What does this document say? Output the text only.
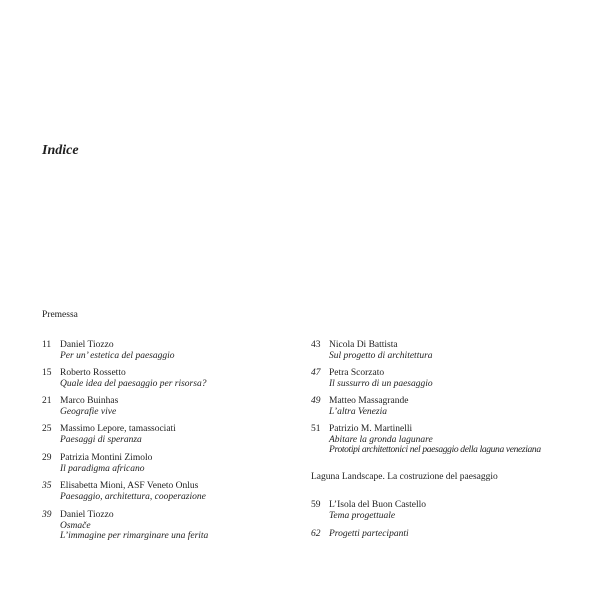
Indice
Premessa
11 Daniel Tiozzo
Per un’ estetica del paesaggio
15 Roberto Rossetto
Quale idea del paesaggio per risorsa?
21 Marco Buinhas
Geografie vive
25 Massimo Lepore, tamassociati
Paesaggi di speranza
29 Patrizia Montini Zimolo
Il paradigma africano
35 Elisabetta Mioni, ASF Veneto Onlus
Paesaggio, architettura, cooperazione
39 Daniel Tiozzo
Osmače
L’immagine per rimarginare una ferita
43 Nicola Di Battista
Sul progetto di architettura
47 Petra Scorzato
Il sussurro di un paesaggio
49 Matteo Massagrande
L’altra Venezia
51 Patrizio M. Martinelli
Abitare la gronda lagunare
Prototipi architettonici nel paesaggio della laguna veneziana
Laguna Landscape. La costruzione del paesaggio
59 L’Isola del Buon Castello
Tema progettuale
62 Progetti partecipanti
